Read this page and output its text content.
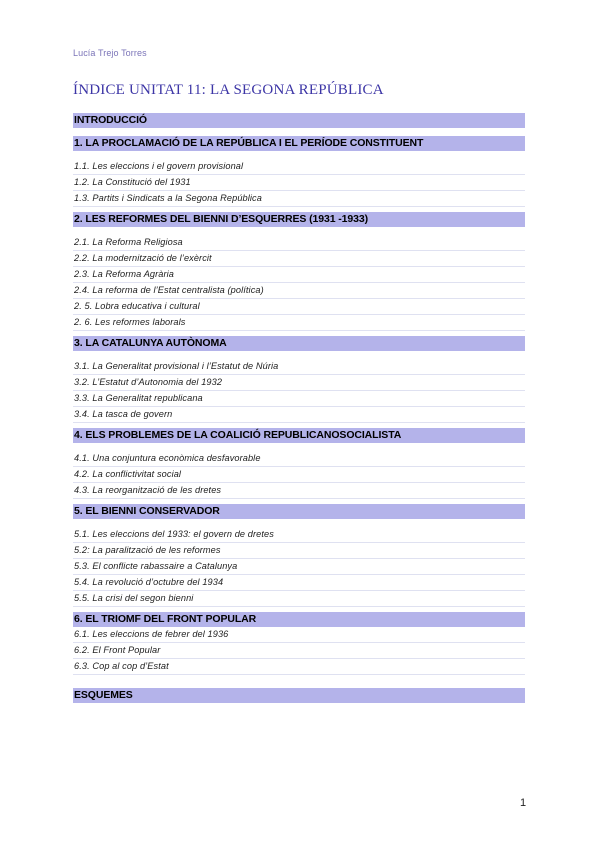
Lucía Trejo Torres
ÍNDICE UNITAT 11: LA SEGONA REPÚBLICA
INTRODUCCIÓ
1. LA PROCLAMACIÓ DE LA REPÚBLICA I EL PERÍODE CONSTITUENT
1.1. Les eleccions i el govern provisional
1.2. La Constitució del 1931
1.3. Partits i Sindicats a la Segona República
2. LES REFORMES DEL BIENNI D’ESQUERRES (1931 -1933)
2.1. La Reforma Religiosa
2.2. La modernització de l’exèrcit
2.3. La Reforma Agrària
2.4. La reforma de l’Estat centralista (política)
2. 5. Lobra educativa i cultural
2. 6. Les reformes laborals
3. LA CATALUNYA AUTÒNOMA
3.1. La Generalitat provisional i l’Estatut de Núria
3.2. L’Estatut d’Autonomia del 1932
3.3. La Generalitat republicana
3.4. La tasca de govern
4. ELS PROBLEMES DE LA COALICIÓ REPUBLICANOSOCIALISTA
4.1. Una conjuntura econòmica desfavorable
4.2. La conflictivitat social
4.3. La reorganització de les dretes
5. EL BIENNI CONSERVADOR
5.1. Les eleccions del 1933: el govern de dretes
5.2: La paralització de les reformes
5.3. El conflicte rabassaire a Catalunya
5.4. La revolució d’octubre del 1934
5.5. La crisi del segon bienni
6. EL TRIOMF DEL FRONT POPULAR
6.1. Les eleccions de febrer del 1936
6.2. El Front Popular
6.3. Cop al cop d’Estat
ESQUEMES
1
